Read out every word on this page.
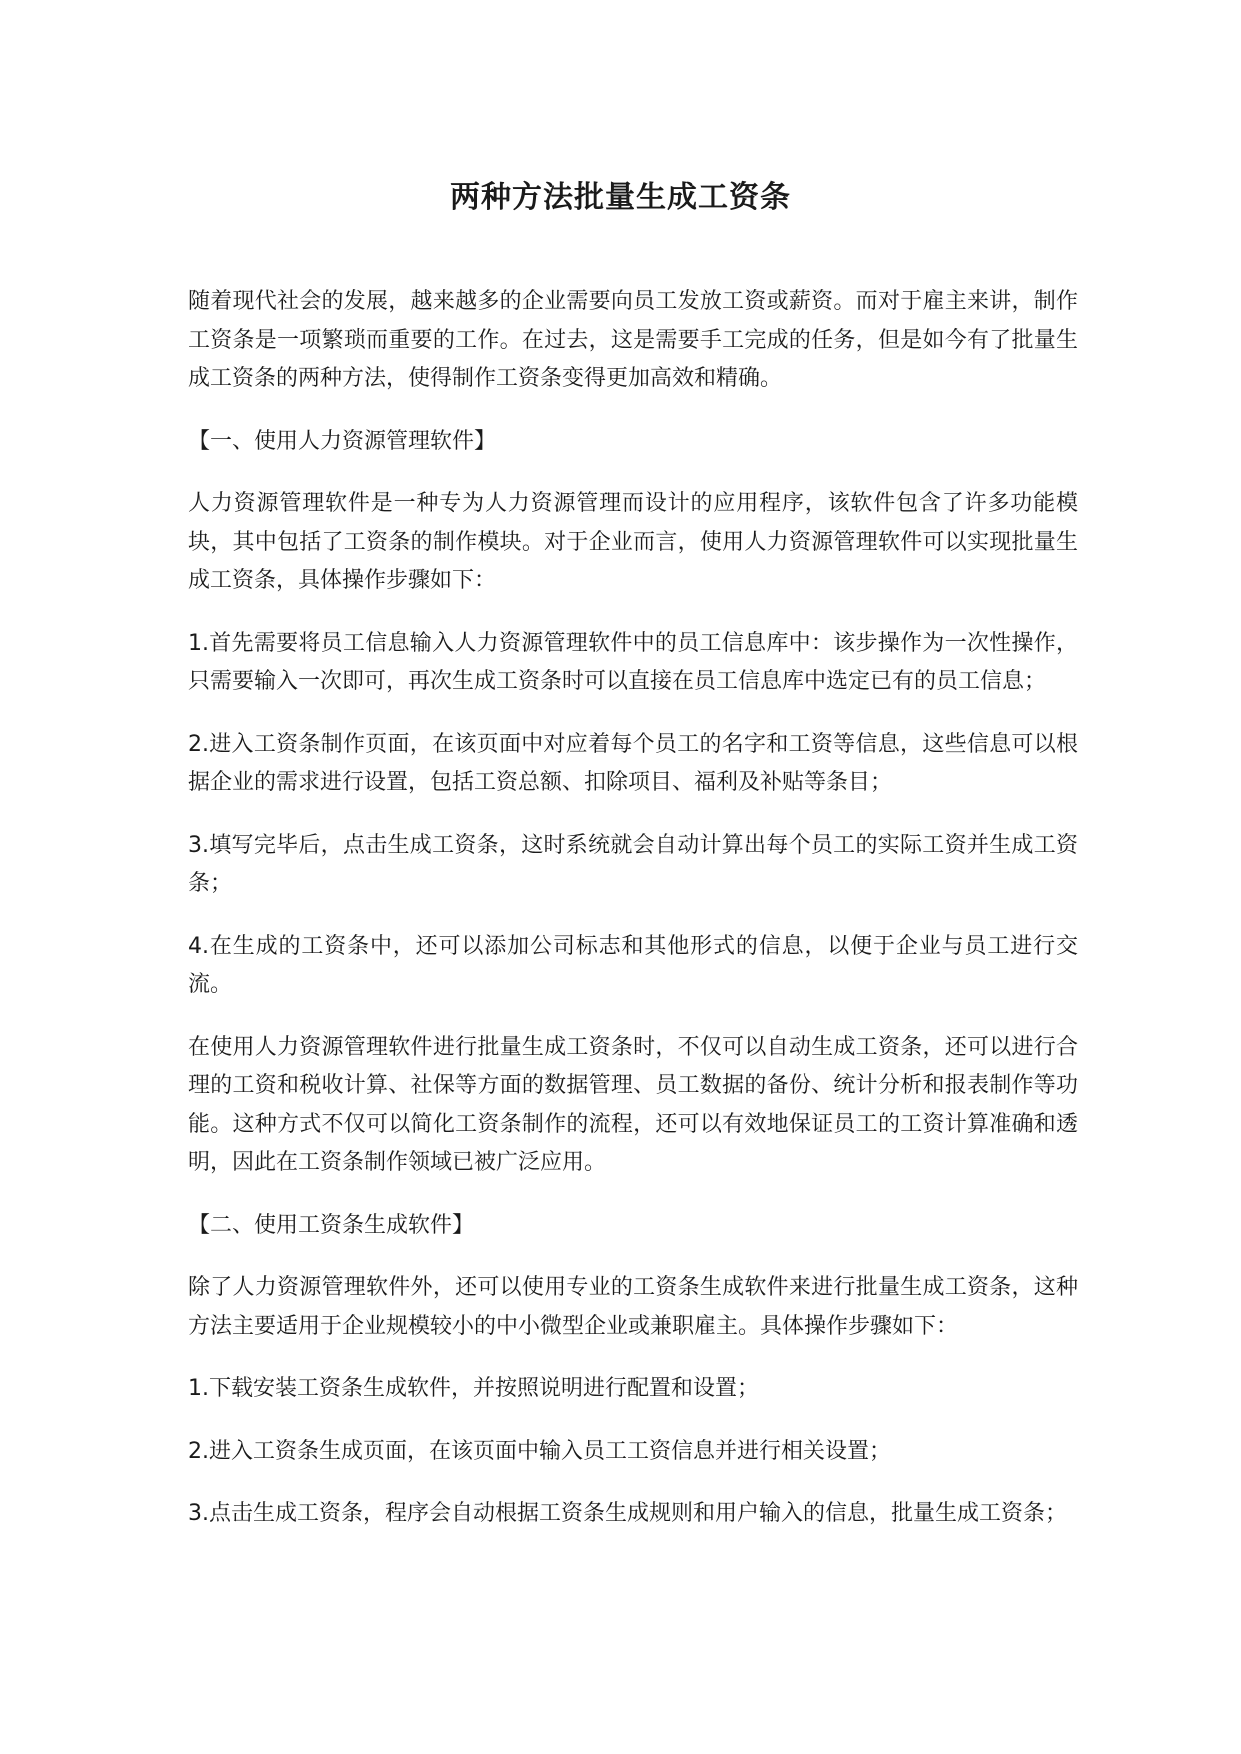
两种方法批量生成工资条

随着现代社会的发展，越来越多的企业需要向员工发放工资或薪资。而对于雇主来讲，制作工资条是一项繁琐而重要的工作。在过去，这是需要手工完成的任务，但是如今有了批量生成工资条的两种方法，使得制作工资条变得更加高效和精确。

【一、使用人力资源管理软件】

人力资源管理软件是一种专为人力资源管理而设计的应用程序，该软件包含了许多功能模块，其中包括了工资条的制作模块。对于企业而言，使用人力资源管理软件可以实现批量生成工资条，具体操作步骤如下：

1.首先需要将员工信息输入人力资源管理软件中的员工信息库中：该步操作为一次性操作，只需要输入一次即可，再次生成工资条时可以直接在员工信息库中选定已有的员工信息；

2.进入工资条制作页面，在该页面中对应着每个员工的名字和工资等信息，这些信息可以根据企业的需求进行设置，包括工资总额、扣除项目、福利及补贴等条目；

3.填写完毕后，点击生成工资条，这时系统就会自动计算出每个员工的实际工资并生成工资条；

4.在生成的工资条中，还可以添加公司标志和其他形式的信息，以便于企业与员工进行交流。

在使用人力资源管理软件进行批量生成工资条时，不仅可以自动生成工资条，还可以进行合理的工资和税收计算、社保等方面的数据管理、员工数据的备份、统计分析和报表制作等功能。这种方式不仅可以简化工资条制作的流程，还可以有效地保证员工的工资计算准确和透明，因此在工资条制作领域已被广泛应用。

【二、使用工资条生成软件】

除了人力资源管理软件外，还可以使用专业的工资条生成软件来进行批量生成工资条，这种方法主要适用于企业规模较小的中小微型企业或兼职雇主。具体操作步骤如下：

1.下载安装工资条生成软件，并按照说明进行配置和设置；

2.进入工资条生成页面，在该页面中输入员工工资信息并进行相关设置；

3.点击生成工资条，程序会自动根据工资条生成规则和用户输入的信息，批量生成工资条；
